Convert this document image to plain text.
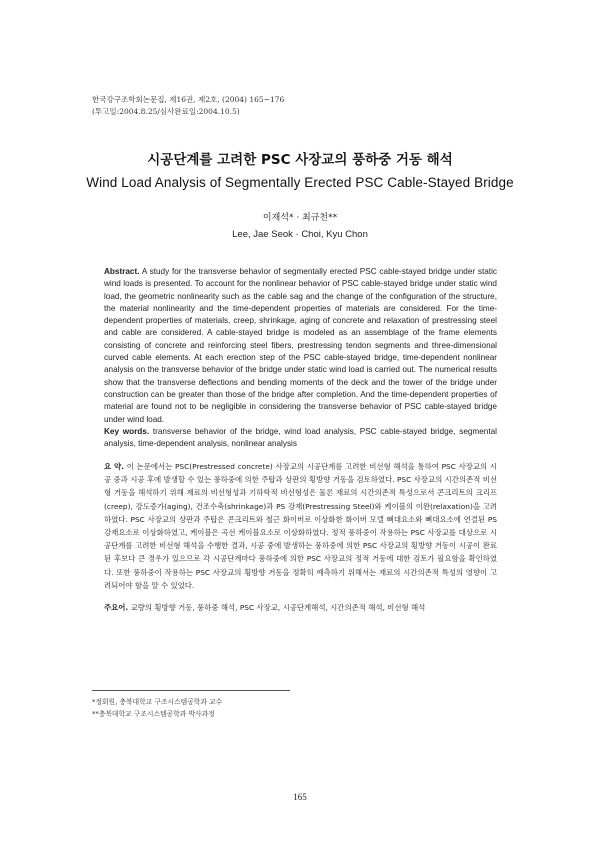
한국강구조학회논문집, 제16권, 제2호, (2004) 165~176
(투고일:2004.8.25/심사완료일:2004.10.5)
시공단계를 고려한 PSC 사장교의 풍하중 거동 해석
Wind Load Analysis of Segmentally Erected PSC Cable-Stayed Bridge
이재석* · 최규천**
Lee, Jae Seok · Choi, Kyu Chon
Abstract. A study for the transverse behavior of segmentally erected PSC cable-stayed bridge under static wind loads is presented. To account for the nonlinear behavior of PSC cable-stayed bridge under static wind load, the geometric nonlinearity such as the cable sag and the change of the configuration of the structure, the material nonlinearity and the time-dependent properties of materials are considered. For the time-dependent properties of materials, creep, shrinkage, aging of concrete and relaxation of prestressing steel and cable are considered. A cable-stayed bridge is modeled as an assemblage of the frame elements consisting of concrete and reinforcing steel fibers, prestressing tendon segments and three-dimensional curved cable elements. At each erection step of the PSC cable-stayed bridge, time-dependent nonlinear analysis on the transverse behavior of the bridge under static wind load is carried out. The numerical results show that the transverse deflections and bending moments of the deck and the tower of the bridge under construction can be greater than those of the bridge after completion. And the time-dependent properties of material are found not to be negligible in considering the transverse behavior of PSC cable-stayed bridge under wind load.
Key words. transverse behavior of the bridge, wind load analysis, PSC cable-stayed bridge, segmental analysis, time-dependent analysis, nonlinear analysis
요 약. 이 논문에서는 PSC(Prestressed concrete) 사장교의 시공단계를 고려한 비선형 해석을 통하여 PSC 사장교의 시공 중과 시공 후에 발생할 수 있는 풍하중에 의한 주탑과 상판의 횡방향 거동을 검토하였다. PSC 사장교의 시간의존적 비선형 거동을 해석하기 위해 재료의 비선형성과 기하학적 비선형성은 물론 재료의 시간의존적 특성으로서 콘크리트의 크리프(creep), 강도증가(aging), 건조수축(shrinkage)과 PS 강재(Prestressing Steel)와 케이블의 이완(relaxation)을 고려하였다. PSC 사장교의 상판과 주탑은 콘크리트와 철근 화이버로 이상화한 화이버 모델 뼈대요소와 뼈대요소에 연결된 PS 강재요소로 이상화하였고, 케이블은 곡선 케이블요소로 이상화하였다. 정적 풍하중이 작용하는 PSC 사장교를 대상으로 시공단계를 고려한 비선형 해석을 수행한 결과, 시공 중에 발생하는 풍하중에 의한 PSC 사장교의 횡방향 거동이 시공이 완료된 후보다 큰 경우가 있으므로 각 시공단계마다 풍하중에 의한 PSC 사장교의 정적 거동에 대한 검토가 필요함을 확인하였다. 또한 풍하중이 작용하는 PSC 사장교의 횡방향 거동을 정확히 예측하기 위해서는 재료의 시간의존적 특성의 영향이 고려되어야 함을 알 수 있었다.
주요어. 교량의 횡방향 거동, 풍하중 해석, PSC 사장교, 시공단계해석, 시간의존적 해석, 비선형 해석
*정회원, 충북대학교 구조시스템공학과 교수
**충북대학교 구조시스템공학과 박사과정
165
